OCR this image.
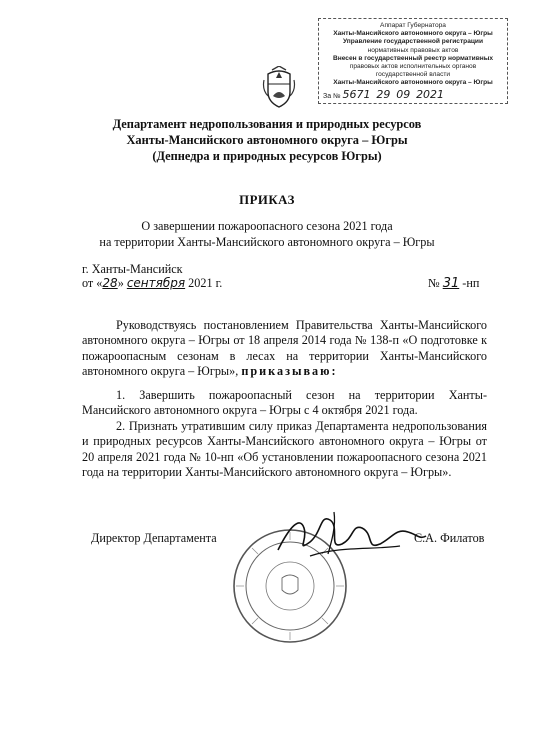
Аппарат Губернатора
Ханты-Мансийского автономного округа – Югры
Управление государственной регистрации
нормативных правовых актов
Внесен в государственный реестр нормативных
правовых актов исполнительных органов
государственной власти
Ханты-Мансийского автономного округа – Югры
За № 5671 29 09 2021
Департамент недропользования и природных ресурсов
Ханты-Мансийского автономного округа – Югры
(Депнедра и природных ресурсов Югры)
ПРИКАЗ
О завершении пожароопасного сезона 2021 года
на территории Ханты-Мансийского автономного округа – Югры
г. Ханты-Мансийск
от «28» сентября 2021 г.	№ 31 -нп
Руководствуясь постановлением Правительства Ханты-Мансийского автономного округа – Югры от 18 апреля 2014 года № 138-п «О подготовке к пожароопасным сезонам в лесах на территории Ханты-Мансийского автономного округа – Югры», приказываю:
1. Завершить пожароопасный сезон на территории Ханты-Мансийского автономного округа – Югры с 4 октября 2021 года.
2. Признать утратившим силу приказ Департамента недропользования и природных ресурсов Ханты-Мансийского автономного округа – Югры от 20 апреля 2021 года № 10-нп «Об установлении пожароопасного сезона 2021 года на территории Ханты-Мансийского автономного округа – Югры».
Директор Департамента	С.А. Филатов
